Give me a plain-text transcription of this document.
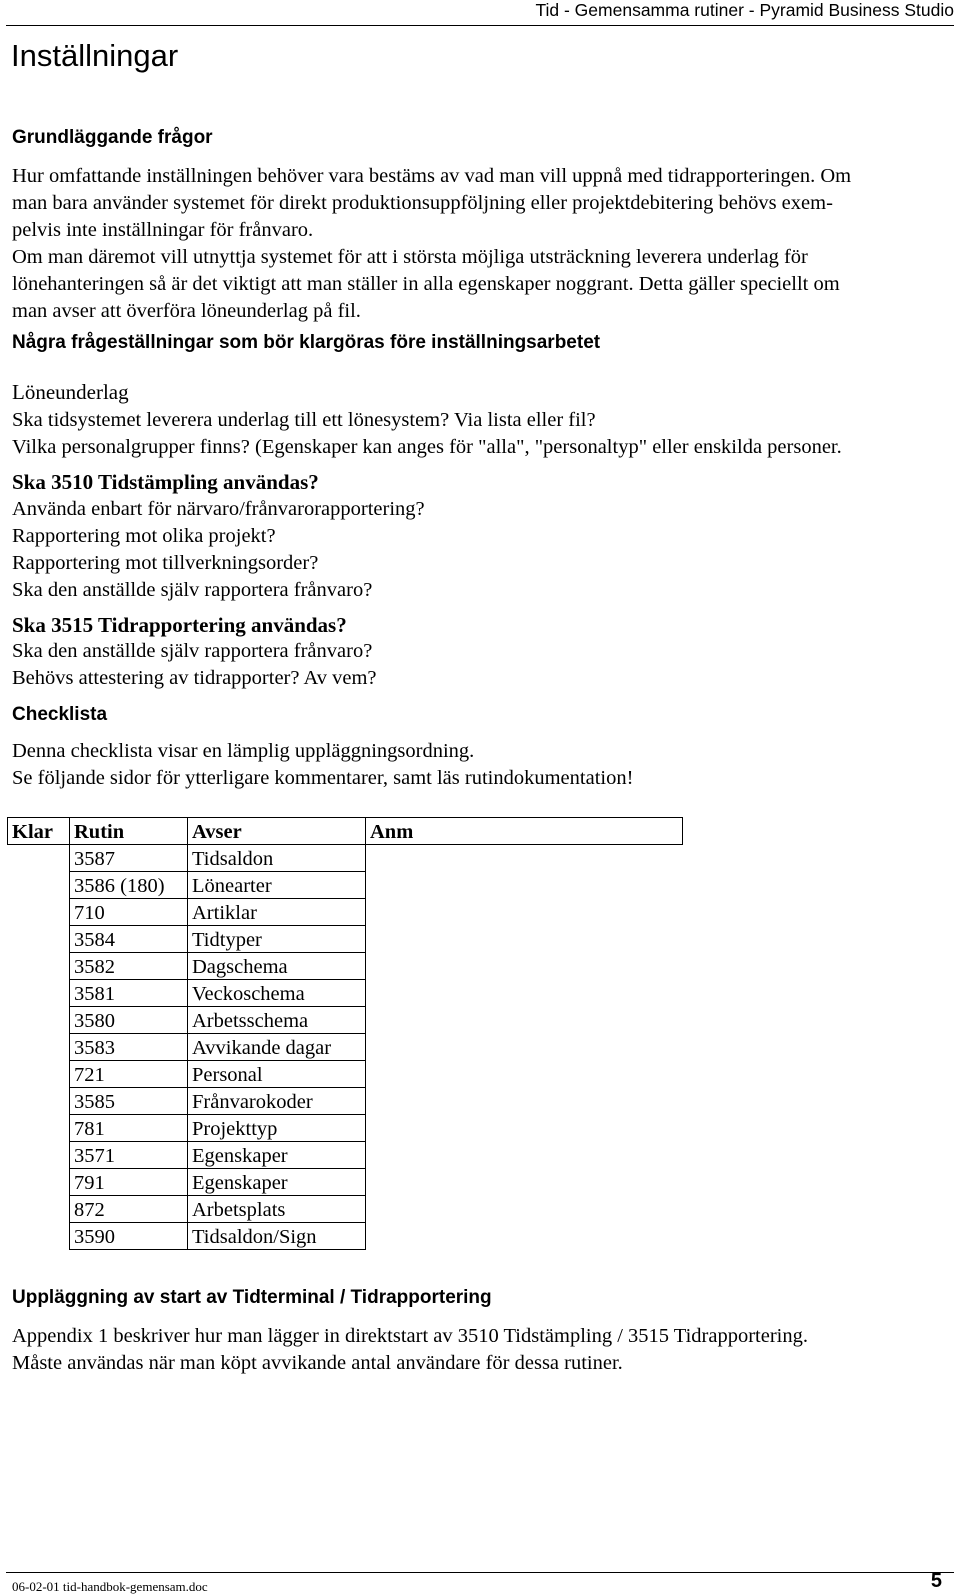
Tid - Gemensamma rutiner - Pyramid Business Studio
Inställningar
Grundläggande frågor

Hur omfattande inställningen behöver vara bestäms av vad man vill uppnå med tidrapporteringen. Om

man bara använder systemet för direkt produktionsuppföljning eller projektdebitering behövs exem-

pelvis inte inställningar för frånvaro.

Om man däremot vill utnyttja systemet för att i största möjliga utsträckning leverera underlag för

lönehanteringen så är det viktigt att man ställer in alla egenskaper noggrant. Detta gäller speciellt om

man avser att överföra löneunderlag på fil.

Några frågeställningar som bör klargöras före inställningsarbetet
Löneunderlag

Ska tidsystemet leverera underlag till ett lönesystem? Via lista eller fil?

Vilka personalgrupper finns? (Egenskaper kan anges för "alla", "personaltyp" eller enskilda personer.

Ska 3510 Tidstämpling användas?

Använda enbart för närvaro/frånvarorapportering?

Rapportering mot olika projekt?

Rapportering mot tillverkningsorder?

Ska den anställde själv rapportera frånvaro?

Ska 3515 Tidrapportering användas?

Ska den anställde själv rapportera frånvaro?

Behövs attestering av tidrapporter? Av vem?

Checklista

Denna checklista visar en lämplig uppläggningsordning.

Se följande sidor för ytterligare kommentarer, samt läs rutindokumentation!

Klar	Rutin	Avser	Anm
	3587	Tidsaldon	
	3586 (180)	Lönearter	
	710	Artiklar	
	3584	Tidtyper	
	3582	Dagschema	
	3581	Veckoschema	
	3580	Arbetsschema	
	3583	Avvikande dagar	
	721	Personal	
	3585	Frånvarokoder	
	781	Projekttyp	
	3571	Egenskaper	
	791	Egenskaper	
	872	Arbetsplats	
	3590	Tidsaldon/Sign	
Uppläggning av start av Tidterminal / Tidrapportering

Appendix 1 beskriver hur man lägger in direktstart av 3510 Tidstämpling / 3515 Tidrapportering.

Måste användas när man köpt avvikande antal användare för dessa rutiner.

06-02-01 tid-handbok-gemensam.doc	5
